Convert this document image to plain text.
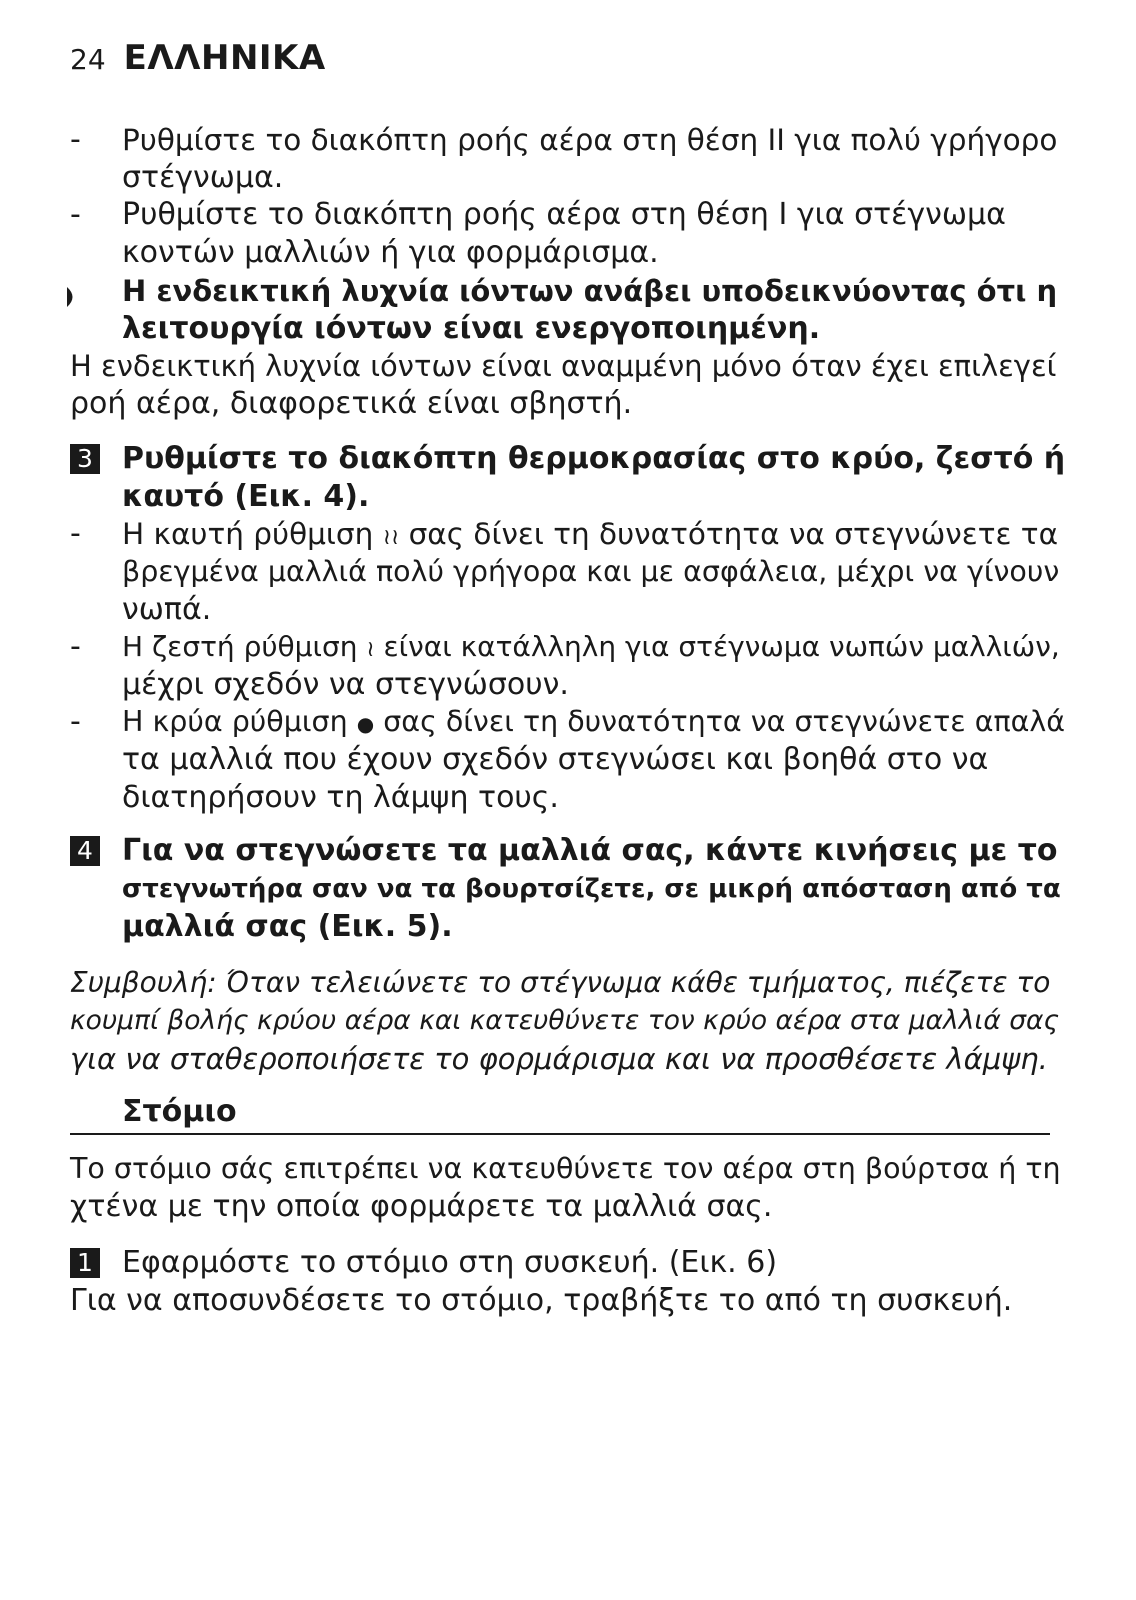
24 ΕΛΛΗΝΙΚΑ
- Ρυθμίστε το διακόπτη ροής αέρα στη θέση ΙΙ για πολύ γρήγορο
στέγνωμα.
- Ρυθμίστε το διακόπτη ροής αέρα στη θέση Ι για στέγνωμα
κοντών μαλλιών ή για φορμάρισμα.
Η ενδεικτική λυχνία ιόντων ανάβει υποδεικνύοντας ότι η
λειτουργία ιόντων είναι ενεργοποιημένη.
Η ενδεικτική λυχνία ιόντων είναι αναμμένη μόνο όταν έχει επιλεγεί
ροή αέρα, διαφορετικά είναι σβηστή.
3 Ρυθμίστε το διακόπτη θερμοκρασίας στο κρύο, ζεστό ή
καυτό (Εικ. 4).
- Η καυτή ρύθμιση ≀≀ σας δίνει τη δυνατότητα να στεγνώνετε τα
βρεγμένα μαλλιά πολύ γρήγορα και με ασφάλεια, μέχρι να γίνουν
νωπά.
- Η ζεστή ρύθμιση ≀ είναι κατάλληλη για στέγνωμα νωπών μαλλιών,
μέχρι σχεδόν να στεγνώσουν.
- Η κρύα ρύθμιση ● σας δίνει τη δυνατότητα να στεγνώνετε απαλά
τα μαλλιά που έχουν σχεδόν στεγνώσει και βοηθά στο να
διατηρήσουν τη λάμψη τους.
4 Για να στεγνώσετε τα μαλλιά σας, κάντε κινήσεις με το
στεγνωτήρα σαν να τα βουρτσίζετε, σε μικρή απόσταση από τα
μαλλιά σας (Εικ. 5).
Συμβουλή: Όταν τελειώνετε το στέγνωμα κάθε τμήματος, πιέζετε το
κουμπί βολής κρύου αέρα και κατευθύνετε τον κρύο αέρα στα μαλλιά σας
για να σταθεροποιήσετε το φορμάρισμα και να προσθέσετε λάμψη.
Στόμιο
Το στόμιο σάς επιτρέπει να κατευθύνετε τον αέρα στη βούρτσα ή τη
χτένα με την οποία φορμάρετε τα μαλλιά σας.
1 Εφαρμόστε το στόμιο στη συσκευή. (Εικ. 6)
Για να αποσυνδέσετε το στόμιο, τραβήξτε το από τη συσκευή.
